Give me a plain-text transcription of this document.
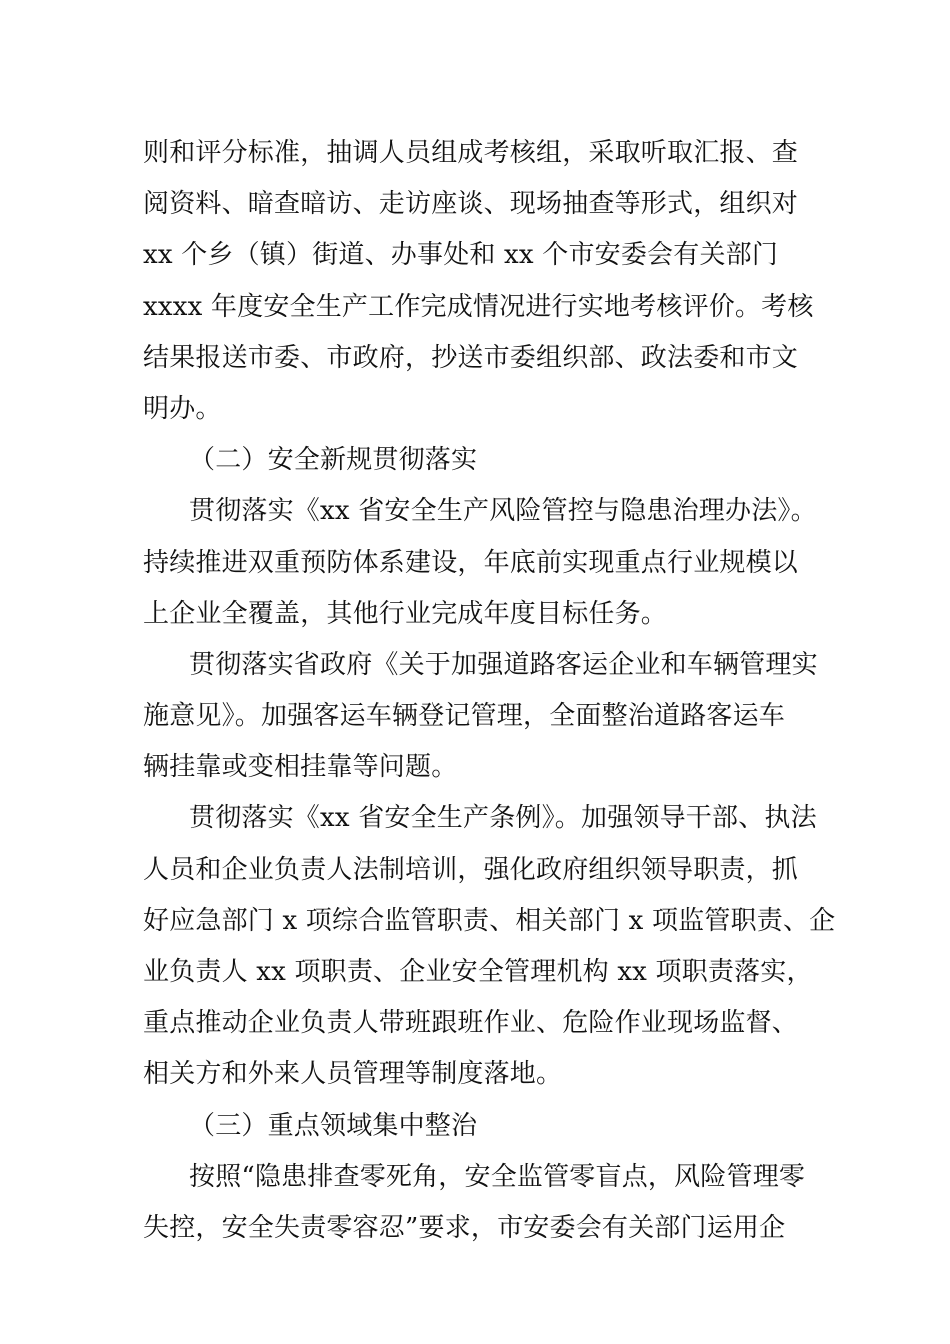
则和评分标准，抽调人员组成考核组，采取听取汇报、查
阅资料、暗查暗访、走访座谈、现场抽查等形式，组织对
xx 个乡（镇）街道、办事处和 xx 个市安委会有关部门
xxxx 年度安全生产工作完成情况进行实地考核评价。考核
结果报送市委、市政府，抄送市委组织部、政法委和市文
明办。
（二）安全新规贯彻落实
贯彻落实《xx 省安全生产风险管控与隐患治理办法》。
持续推进双重预防体系建设，年底前实现重点行业规模以
上企业全覆盖，其他行业完成年度目标任务。
贯彻落实省政府《关于加强道路客运企业和车辆管理实
施意见》。加强客运车辆登记管理，全面整治道路客运车
辆挂靠或变相挂靠等问题。
贯彻落实《xx 省安全生产条例》。加强领导干部、执法
人员和企业负责人法制培训，强化政府组织领导职责，抓
好应急部门 x 项综合监管职责、相关部门 x 项监管职责、企
业负责人 xx 项职责、企业安全管理机构 xx 项职责落实，
重点推动企业负责人带班跟班作业、危险作业现场监督、
相关方和外来人员管理等制度落地。
（三）重点领域集中整治
按照“隐患排查零死角，安全监管零盲点，风险管理零
失控，安全失责零容忍”要求，市安委会有关部门运用企
